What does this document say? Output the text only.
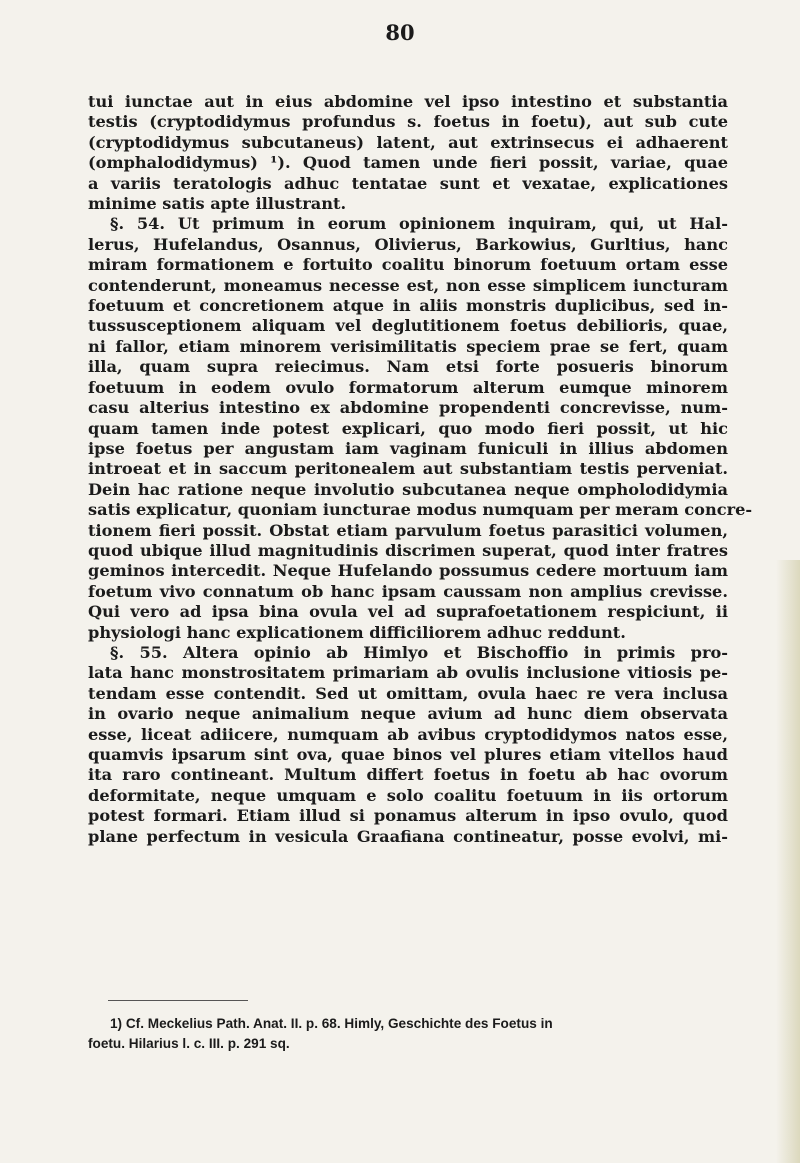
80
tui iunctae aut in eius abdomine vel ipso intestino et substantia
testis (cryptodidymus profundus s. foetus in foetu), aut sub cute
(cryptodidymus subcutaneus) latent, aut extrinsecus ei adhaerent
(omphalodidymus) ¹). Quod tamen unde fieri possit, variae, quae
a variis teratologis adhuc tentatae sunt et vexatae, explicationes
minime satis apte illustrant.
§. 54. Ut primum in eorum opinionem inquiram, qui, ut Hal-
lerus, Hufelandus, Osannus, Olivierus, Barkowius, Gurltius, hanc
miram formationem e fortuito coalitu binorum foetuum ortam esse
contenderunt, moneamus necesse est, non esse simplicem iuncturam
foetuum et concretionem atque in aliis monstris duplicibus, sed in-
tussusceptionem aliquam vel deglutitionem foetus debilioris, quae,
ni fallor, etiam minorem verisimilitatis speciem prae se fert, quam
illa, quam supra reiecimus. Nam etsi forte posueris binorum
foetuum in eodem ovulo formatorum alterum eumque minorem
casu alterius intestino ex abdomine propendenti concrevisse, num-
quam tamen inde potest explicari, quo modo fieri possit, ut hic
ipse foetus per angustam iam vaginam funiculi in illius abdomen
introeat et in saccum peritonealem aut substantiam testis perveniat.
Dein hac ratione neque involutio subcutanea neque ompholodidymia
satis explicatur, quoniam iuncturae modus numquam per meram concre-
tionem fieri possit. Obstat etiam parvulum foetus parasitici volumen,
quod ubique illud magnitudinis discrimen superat, quod inter fratres
geminos intercedit. Neque Hufelando possumus cedere mortuum iam
foetum vivo connatum ob hanc ipsam caussam non amplius crevisse.
Qui vero ad ipsa bina ovula vel ad suprafoetationem respiciunt, ii
physiologi hanc explicationem difficiliorem adhuc reddunt.
§. 55. Altera opinio ab Himlyo et Bischoffio in primis pro-
lata hanc monstrositatem primariam ab ovulis inclusione vitiosis pe-
tendam esse contendit. Sed ut omittam, ovula haec re vera inclusa
in ovario neque animalium neque avium ad hunc diem observata
esse, liceat adiicere, numquam ab avibus cryptodidymos natos esse,
quamvis ipsarum sint ova, quae binos vel plures etiam vitellos haud
ita raro contineant. Multum differt foetus in foetu ab hac ovorum
deformitate, neque umquam e solo coalitu foetuum in iis ortorum
potest formari. Etiam illud si ponamus alterum in ipso ovulo, quod
plane perfectum in vesicula Graafiana contineatur, posse evolvi, mi-
1) Cf. Meckelius Path. Anat. II. p. 68. Himly, Geschichte des Foetus in
foetu. Hilarius l. c. III. p. 291 sq.
